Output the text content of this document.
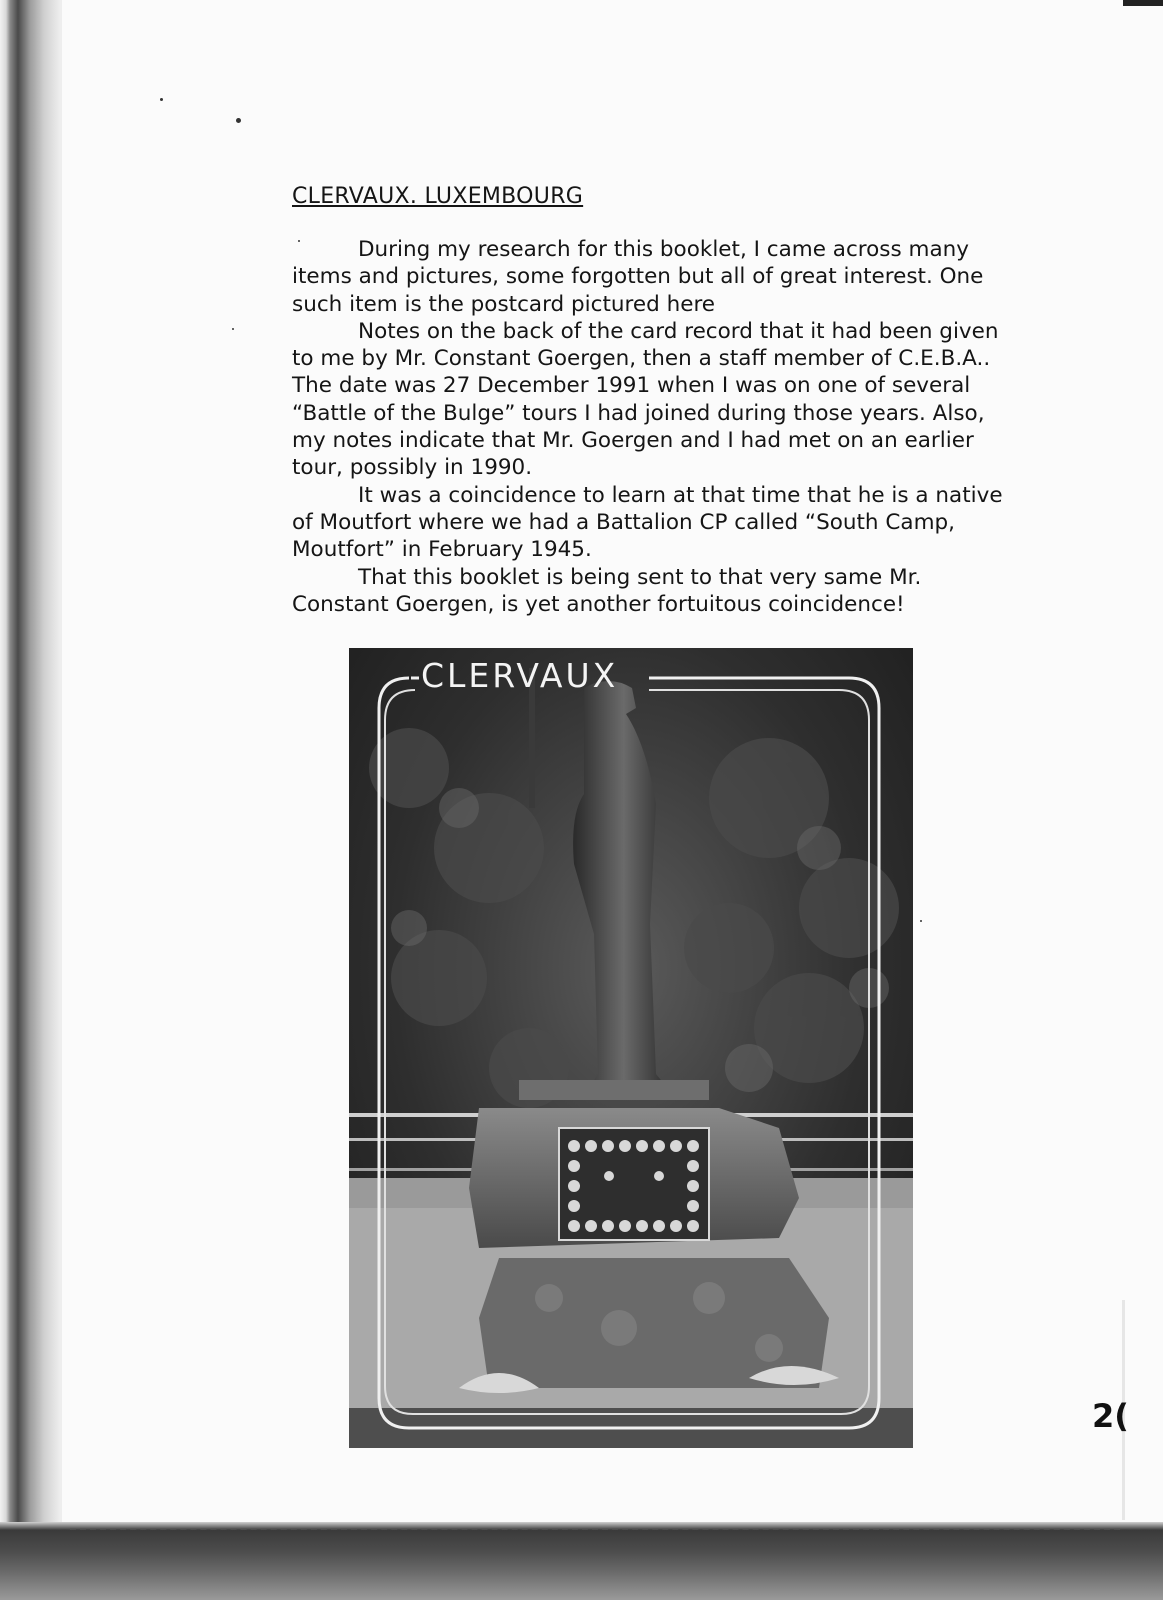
CLERVAUX. LUXEMBOURG

During my research for this booklet, I came across many items and pictures, some forgotten but all of great interest. One such item is the postcard pictured here

Notes on the back of the card record that it had been given to me by Mr. Constant Goergen, then a staff member of C.E.B.A.. The date was 27 December 1991 when I was on one of several “Battle of the Bulge” tours I had joined during those years. Also, my notes indicate that Mr. Goergen and I had met on an earlier tour, possibly in 1990.

It was a coincidence to learn at that time that he is a native of Moutfort where we had a Battalion CP called “South Camp, Moutfort” in February 1945.

That this booklet is being sent to that very same Mr. Constant Goergen, is yet another fortuitous coincidence!

CLERVAUX
2(
